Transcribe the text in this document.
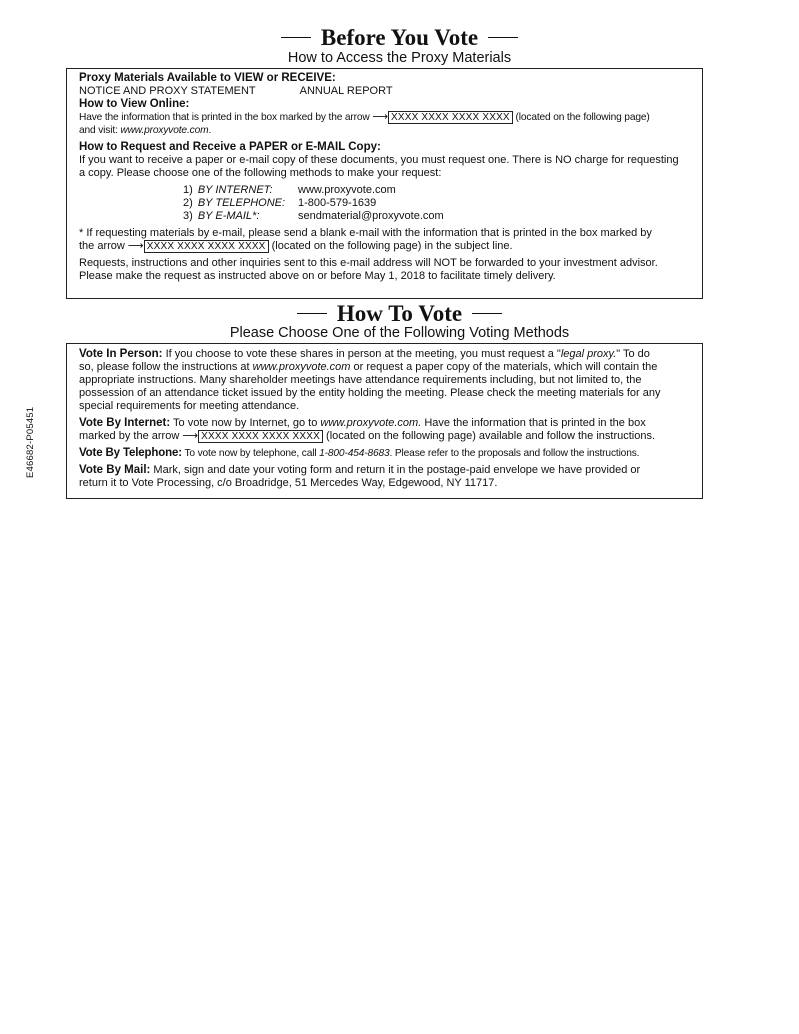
E46682-P05451
Before You Vote
How to Access the Proxy Materials
Proxy Materials Available to VIEW or RECEIVE:
NOTICE AND PROXY STATEMENT	ANNUAL REPORT
How to View Online:
Have the information that is printed in the box marked by the arrow ⟶ XXXX XXXX XXXX XXXX (located on the following page)
and visit: www.proxyvote.com.
How to Request and Receive a PAPER or E-MAIL Copy:
If you want to receive a paper or e-mail copy of these documents, you must request one. There is NO charge for requesting
a copy. Please choose one of the following methods to make your request:
1) BY INTERNET:	www.proxyvote.com
2) BY TELEPHONE:	1-800-579-1639
3) BY E-MAIL*:	sendmaterial@proxyvote.com
* If requesting materials by e-mail, please send a blank e-mail with the information that is printed in the box marked by
the arrow ⟶ XXXX XXXX XXXX XXXX (located on the following page) in the subject line.
Requests, instructions and other inquiries sent to this e-mail address will NOT be forwarded to your investment advisor.
Please make the request as instructed above on or before May 1, 2018 to facilitate timely delivery.
How To Vote
Please Choose One of the Following Voting Methods
Vote In Person: If you choose to vote these shares in person at the meeting, you must request a "legal proxy." To do
so, please follow the instructions at www.proxyvote.com or request a paper copy of the materials, which will contain the
appropriate instructions. Many shareholder meetings have attendance requirements including, but not limited to, the
possession of an attendance ticket issued by the entity holding the meeting. Please check the meeting materials for any
special requirements for meeting attendance.
Vote By Internet: To vote now by Internet, go to www.proxyvote.com. Have the information that is printed in the box
marked by the arrow ⟶ XXXX XXXX XXXX XXXX (located on the following page) available and follow the instructions.
Vote By Telephone: To vote now by telephone, call 1-800-454-8683. Please refer to the proposals and follow the instructions.
Vote By Mail: Mark, sign and date your voting form and return it in the postage-paid envelope we have provided or
return it to Vote Processing, c/o Broadridge, 51 Mercedes Way, Edgewood, NY 11717.
